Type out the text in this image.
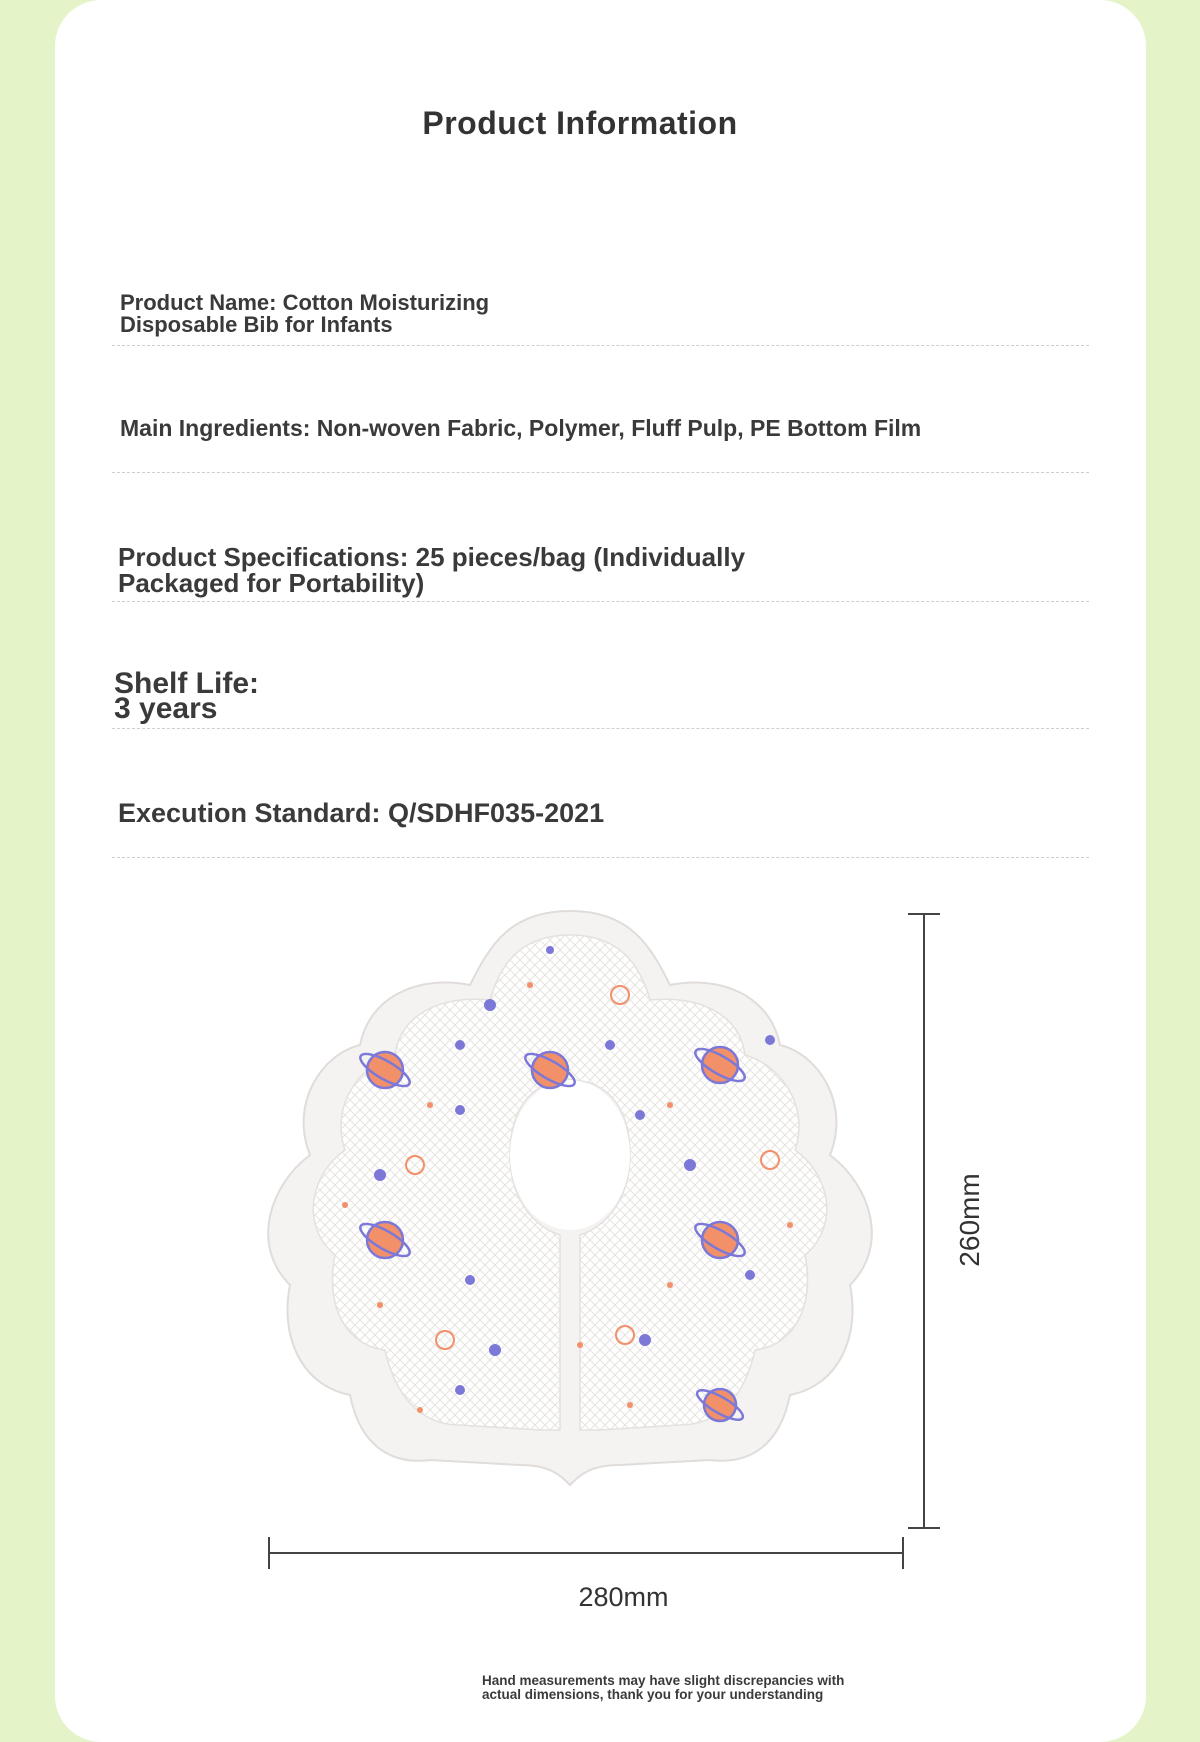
Product Information
Product Name: Cotton Moisturizing
Disposable Bib for Infants
Main Ingredients: Non-woven Fabric, Polymer, Fluff Pulp, PE Bottom Film
Product Specifications: 25 pieces/bag (Individually
Packaged for Portability)
Shelf Life:
3 years
Execution Standard: Q/SDHF035-2021
260mm
280mm
Hand measurements may have slight discrepancies with
actual dimensions, thank you for your understanding
